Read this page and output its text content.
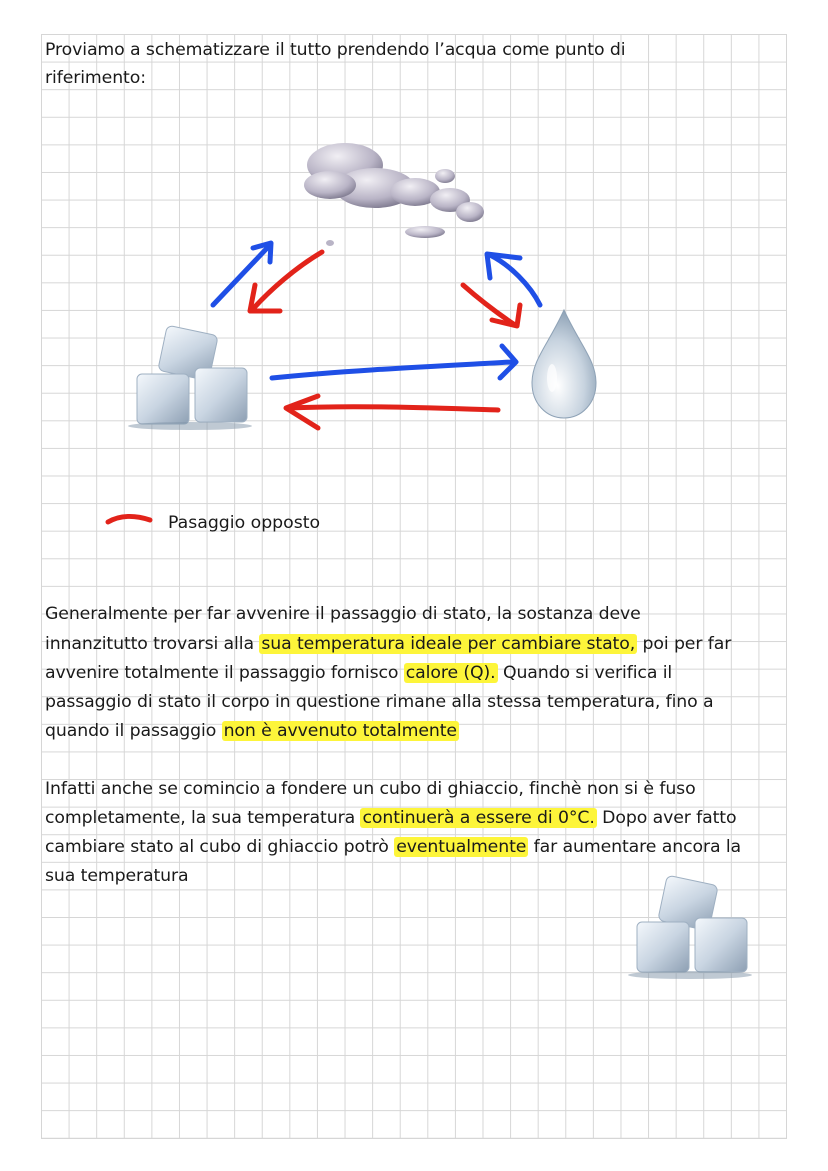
Proviamo a schematizzare il tutto prendendo l’acqua come punto di
riferimento:
Pasaggio opposto
Generalmente per far avvenire il passaggio di stato, la sostanza deve
innanzitutto trovarsi alla sua temperatura ideale per cambiare stato, poi per far
avvenire totalmente il passaggio fornisco calore (Q). Quando si verifica il
passaggio di stato il corpo in questione rimane alla stessa temperatura, fino a
quando il passaggio non è avvenuto totalmente
Infatti anche se comincio a fondere un cubo di ghiaccio, finchè non si è fuso
completamente, la sua temperatura continuerà a essere di 0°C. Dopo aver fatto
cambiare stato al cubo di ghiaccio potrò eventualmente far aumentare ancora la
sua temperatura
